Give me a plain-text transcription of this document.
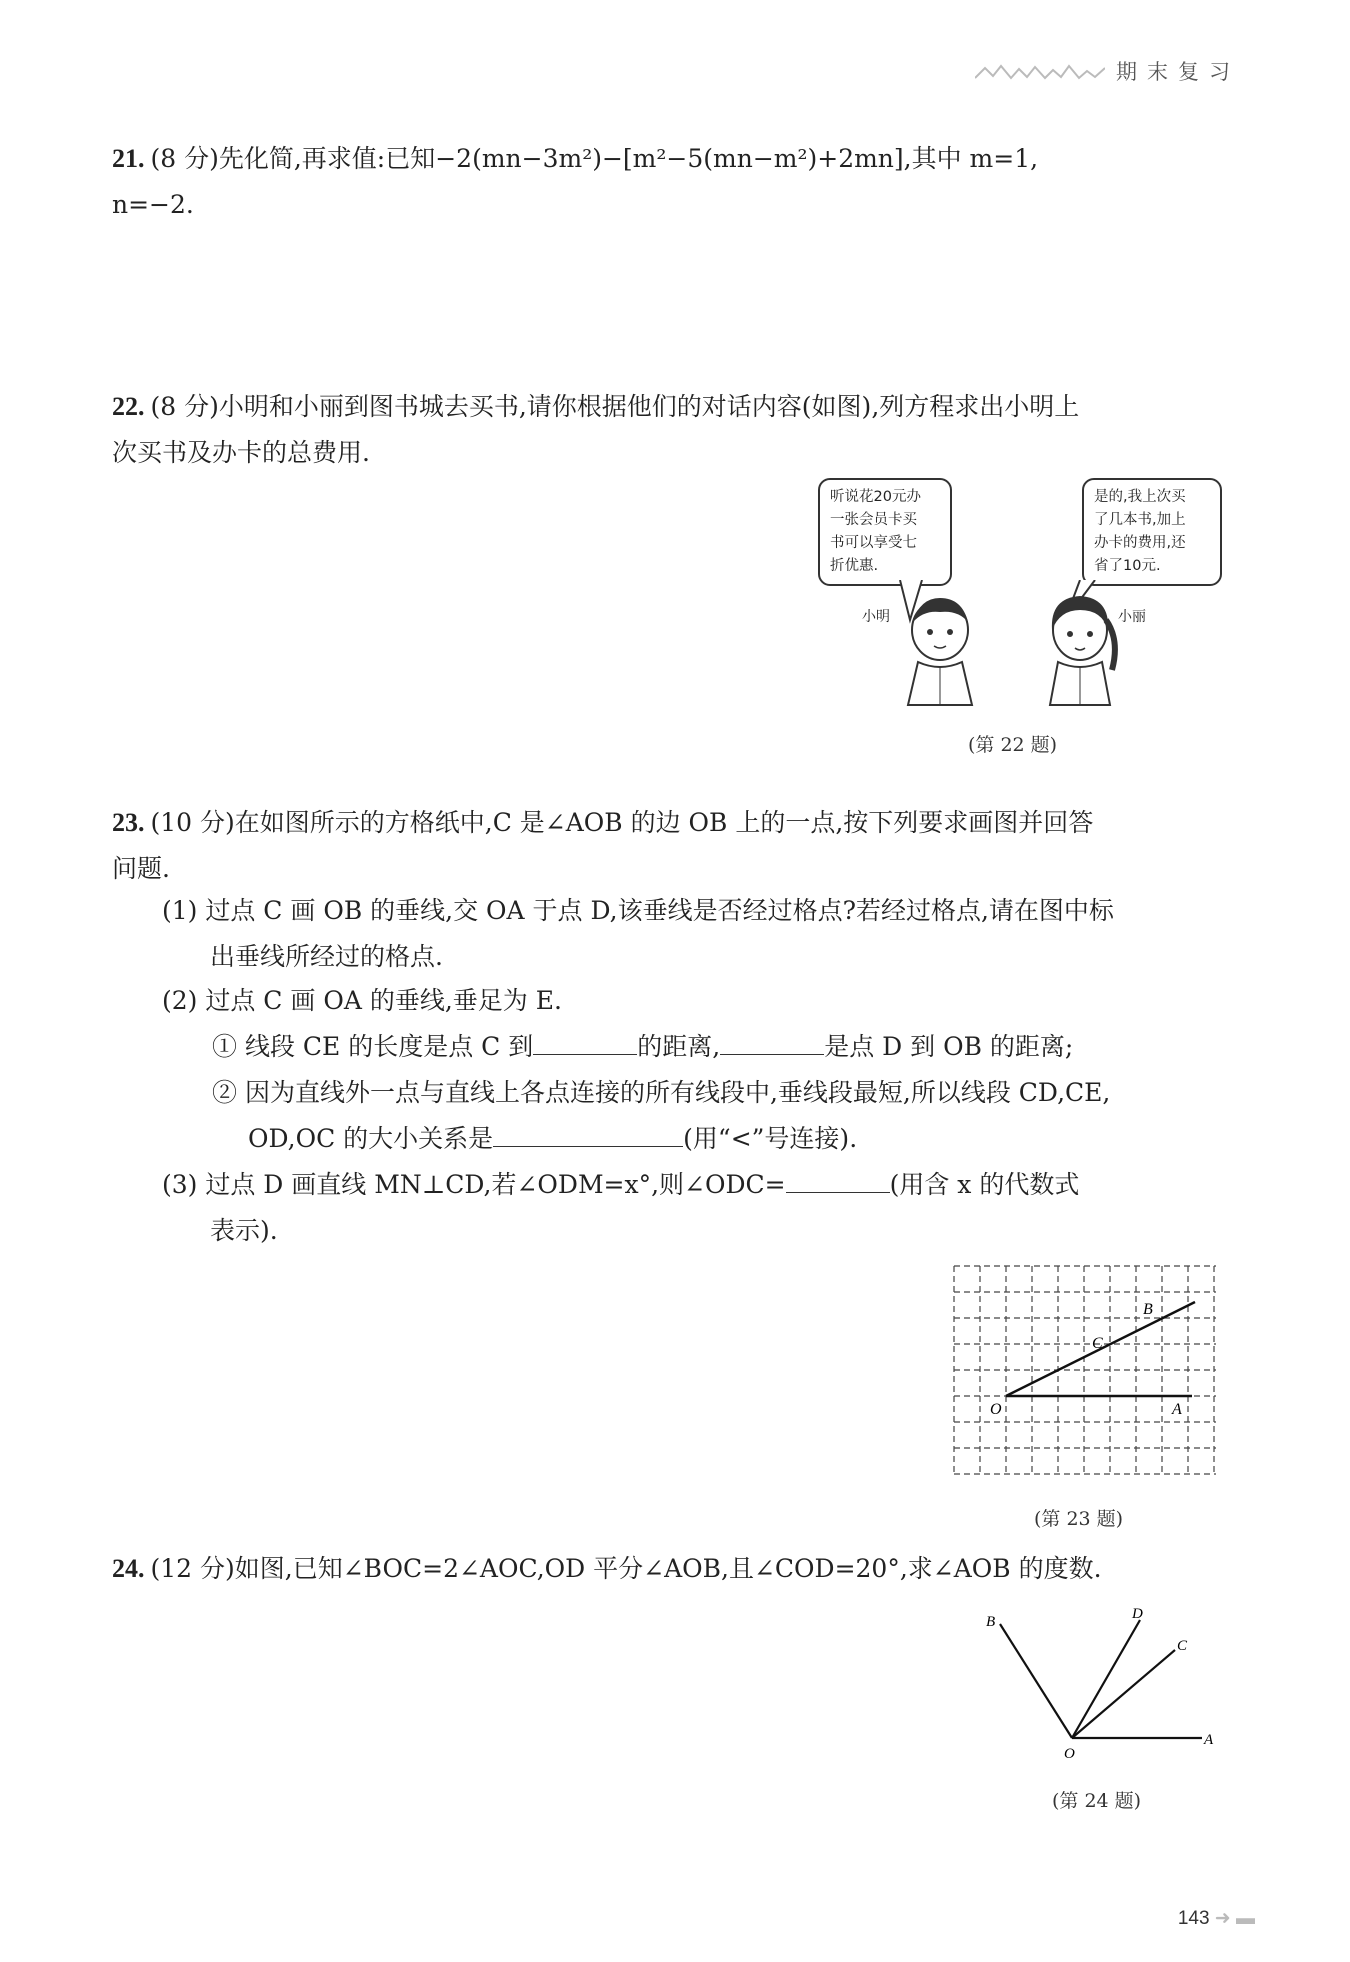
期末复习
21. (8 分)先化简,再求值:已知−2(mn−3m²)−[m²−5(mn−m²)+2mn],其中 m=1,
n=−2.
22. (8 分)小明和小丽到图书城去买书,请你根据他们的对话内容(如图),列方程求出小明上
次买书及办卡的总费用.
听说花20元办
一张会员卡买
书可以享受七
折优惠.
是的,我上次买
了几本书,加上
办卡的费用,还
省了10元.
小明	小丽
(第 22 题)
23. (10 分)在如图所示的方格纸中,C 是∠AOB 的边 OB 上的一点,按下列要求画图并回答
问题.
(1) 过点 C 画 OB 的垂线,交 OA 于点 D,该垂线是否经过格点?若经过格点,请在图中标
出垂线所经过的格点.
(2) 过点 C 画 OA 的垂线,垂足为 E.
① 线段 CE 的长度是点 C 到	的距离,	是点 D 到 OB 的距离;
② 因为直线外一点与直线上各点连接的所有线段中,垂线段最短,所以线段 CD,CE,
OD,OC 的大小关系是	(用“<”号连接).
(3) 过点 D 画直线 MN⊥CD,若∠ODM=x°,则∠ODC=	(用含 x 的代数式
表示).
O	A
B
C
(第 23 题)
24. (12 分)如图,已知∠BOC=2∠AOC,OD 平分∠AOB,且∠COD=20°,求∠AOB 的度数.
O
A
B
C
D
(第 24 题)
143 ➜ ▬
